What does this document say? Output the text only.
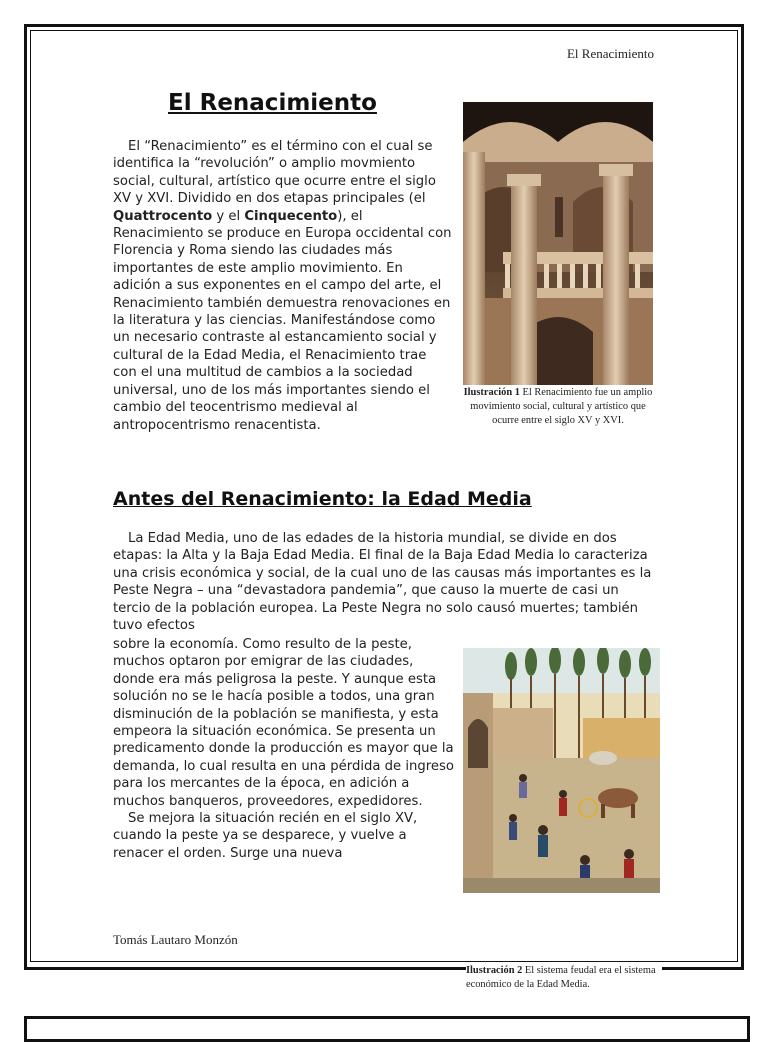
El Renacimiento
El Renacimiento

El “Renacimiento” es el término con el cual se identifica la “revolución” o amplio movmiento social, cultural, artístico que ocurre entre el siglo XV y XVI. Dividido en dos etapas principales (el Quattrocento y el Cinquecento), el Renacimiento se produce en Europa occidental con Florencia y Roma siendo las ciudades más importantes de este amplio movimiento. En adición a sus exponentes en el campo del arte, el Renacimiento también demuestra renovaciones en la literatura y las ciencias. Manifestándose como un necesario contraste al estancamiento social y cultural de la Edad Media, el Renacimiento trae con el una multitud de cambios a la sociedad universal, uno de los más importantes siendo el cambio del teocentrismo medieval al antropocentrismo renacentista.

Ilustración 1 El Renacimiento fue un amplio movimiento social, cultural y artístico que ocurre entre el siglo XV y XVI.
Antes del Renacimiento: la Edad Media

La Edad Media, uno de las edades de la historia mundial, se divide en dos etapas: la Alta y la Baja Edad Media. El final de la Baja Edad Media lo caracteriza una crisis económica y social, de la cual uno de las causas más importantes es la Peste Negra – una “devastadora pandemia”, que causo la muerte de casi un tercio de la población europea. La Peste Negra no solo causó muertes; también tuvo efectos

sobre la economía. Como resulto de la peste, muchos optaron por emigrar de las ciudades, donde era más peligrosa la peste. Y aunque esta solución no se le hacía posible a todos, una gran disminución de la población se manifiesta, y esta empeora la situación económica. Se presenta un predicamento donde la producción es mayor que la demanda, lo cual resulta en una pérdida de ingreso para los mercantes de la época, en adición a muchos banqueros, proveedores, expedidores.
Se mejora la situación recién en el siglo XV, cuando la peste ya se desparece, y vuelve a renacer el orden. Surge una nueva

Ilustración 2 El sistema feudal era el sistema económico de la Edad Media.
Tomás Lautaro Monzón
